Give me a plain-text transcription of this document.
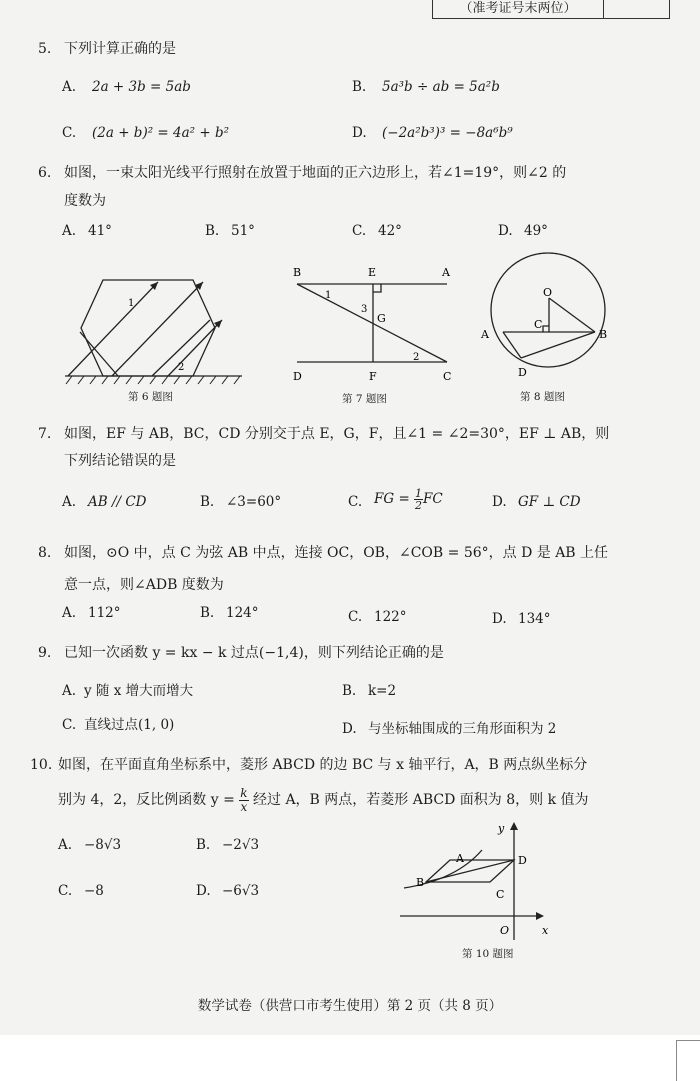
（准考证号末两位）
5. 下列计算正确的是
A. 2a + 3b = 5ab	B. 5a³b ÷ ab = 5a²b
C. (2a + b)² = 4a² + b²	D. (−2a²b³)³ = −8a⁶b⁹
6. 如图，一束太阳光线平行照射在放置于地面的正六边形上，若∠1=19°，则∠2 的
度数为
A. 41°	B. 51°	C. 42°	D. 49°
1
2
第 6 题图
B	E	A
1
3
G
2
D	F	C
第 7 题图
O
A
C
B
D
第 8 题图
7. 如图，EF 与 AB，BC，CD 分别交于点 E，G，F，且∠1 = ∠2=30°，EF ⊥ AB，则
下列结论错误的是
A. AB // CD	B. ∠3=60°	C. FG = $\frac{1}{2}$ FC	D. GF ⊥ CD
8. 如图，⊙O 中，点 C 为弦 AB 中点，连接 OC，OB，∠COB = 56°，点 D 是 AB 上任
意一点，则∠ADB 度数为
A. 112°	B. 124°	C. 122°	D. 134°
9. 已知一次函数 y = kx − k 过点(−1,4)，则下列结论正确的是
A. y 随 x 增大而增大	B. k=2
C. 直线过点(1, 0)	D. 与坐标轴围成的三角形面积为 2
10. 如图，在平面直角坐标系中，菱形 ABCD 的边 BC 与 x 轴平行，A，B 两点纵坐标分
别为 4，2，反比例函数 $y = \frac{k}{x}$ 经过 A，B 两点，若菱形 ABCD 面积为 8，则 k 值为
A. −8√3	B. −2√3
C. −8	D. −6√3
y
A	D
B
C
O	x
第 10 题图
数学试卷（供营口市考生使用）第 2 页（共 8 页）
